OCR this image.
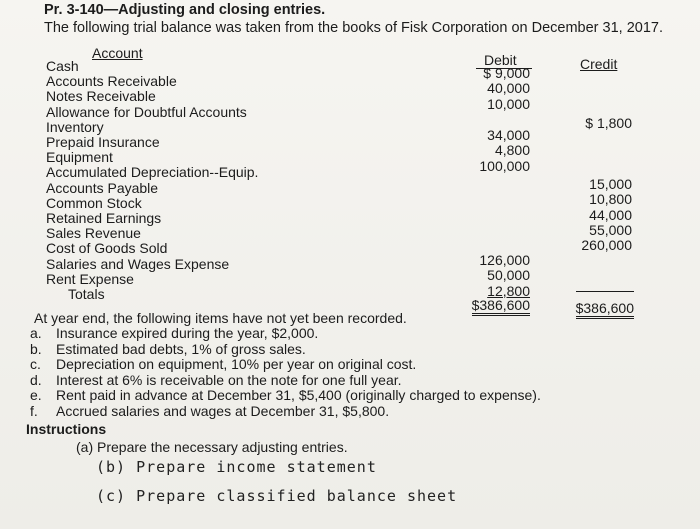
Pr. 3-140—Adjusting and closing entries.
The following trial balance was taken from the books of Fisk Corporation on December 31, 2017.
Account	Debit	Credit
Cash
Accounts Receivable
Notes Receivable
Allowance for Doubtful Accounts
Inventory
Prepaid Insurance
Equipment
Accumulated Depreciation--Equip.
Accounts Payable
Common Stock
Retained Earnings
Sales Revenue
Cost of Goods Sold
Salaries and Wages Expense
Rent Expense
Totals
$ 9,000
40,000
10,000
34,000
4,800
100,000
126,000
50,000
12,800
$386,600
$ 1,800
15,000
10,800
44,000
55,000
260,000
$386,600
At year end, the following items have not yet been recorded.
a. Insurance expired during the year, $2,000.
b. Estimated bad debts, 1% of gross sales.
c. Depreciation on equipment, 10% per year on original cost.
d. Interest at 6% is receivable on the note for one full year.
e. Rent paid in advance at December 31, $5,400 (originally charged to expense).
f. Accrued salaries and wages at December 31, $5,800.
Instructions
(a) Prepare the necessary adjusting entries.
(b) Prepare income statement
(c) Prepare classified balance sheet
